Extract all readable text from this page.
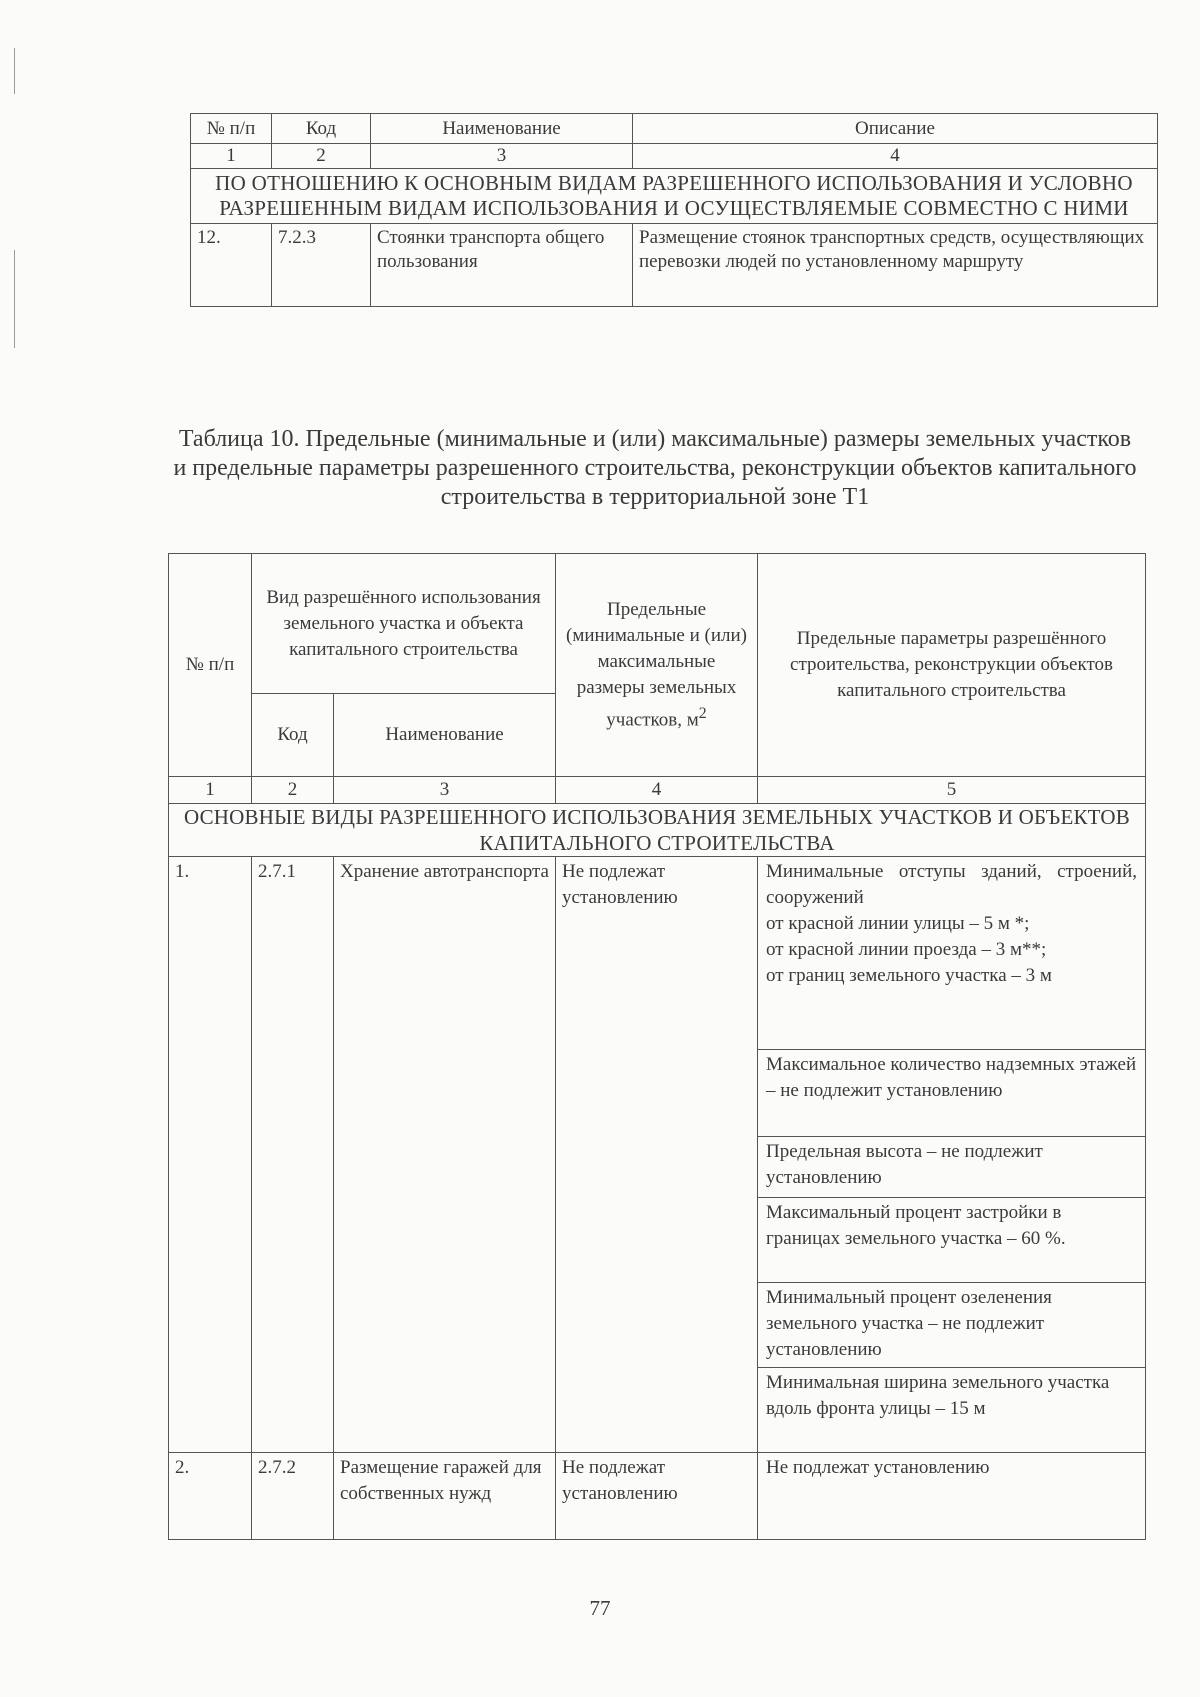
№ п/п	Код	Наименование	Описание
1	2	3	4
ПО ОТНОШЕНИЮ К ОСНОВНЫМ ВИДАМ РАЗРЕШЕННОГО ИСПОЛЬЗОВАНИЯ И УСЛОВНО РАЗРЕШЕННЫМ ВИДАМ ИСПОЛЬЗОВАНИЯ И ОСУЩЕСТВЛЯЕМЫЕ СОВМЕСТНО С НИМИ			
12.	7.2.3	Стоянки транспорта общего пользования	Размещение стоянок транспортных средств, осуществляющих перевозки людей по установленному маршруту
Таблица 10. Предельные (минимальные и (или) максимальные) размеры земельных участков и предельные параметры разрешенного строительства, реконструкции объектов капитального строительства в территориальной зоне Т1
№ п/п	Вид разрешённого использования земельного участка и объекта капитального строительства		Предельные (минимальные и (или) максимальные размеры земельных участков, $м^2$	Предельные параметры разрешённого строительства, реконструкции объектов капитального строительства
	Код	Наименование		
1	2	3	4	5
ОСНОВНЫЕ ВИДЫ РАЗРЕШЕННОГО ИСПОЛЬЗОВАНИЯ ЗЕМЕЛЬНЫХ УЧАСТКОВ И ОБЪЕКТОВ КАПИТАЛЬНОГО СТРОИТЕЛЬСТВА				
1.	2.7.1	Хранение автотранспорта	Не подлежат установлению	Минимальные отступы зданий, строений, сооружений
от красной линии улицы – 5 м *;
от красной линии проезда – 3 м**;
от границ земельного участка – 3 м

				Максимальное количество надземных этажей – не подлежит установлению
				Предельная высота – не подлежит установлению
				Максимальный процент застройки в границах земельного участка – 60 %.
				Минимальный процент озеленения земельного участка – не подлежит установлению
				Минимальная ширина земельного участка вдоль фронта улицы – 15 м
2.	2.7.2	Размещение гаражей для собственных нужд	Не подлежат установлению	Не подлежат установлению
77
